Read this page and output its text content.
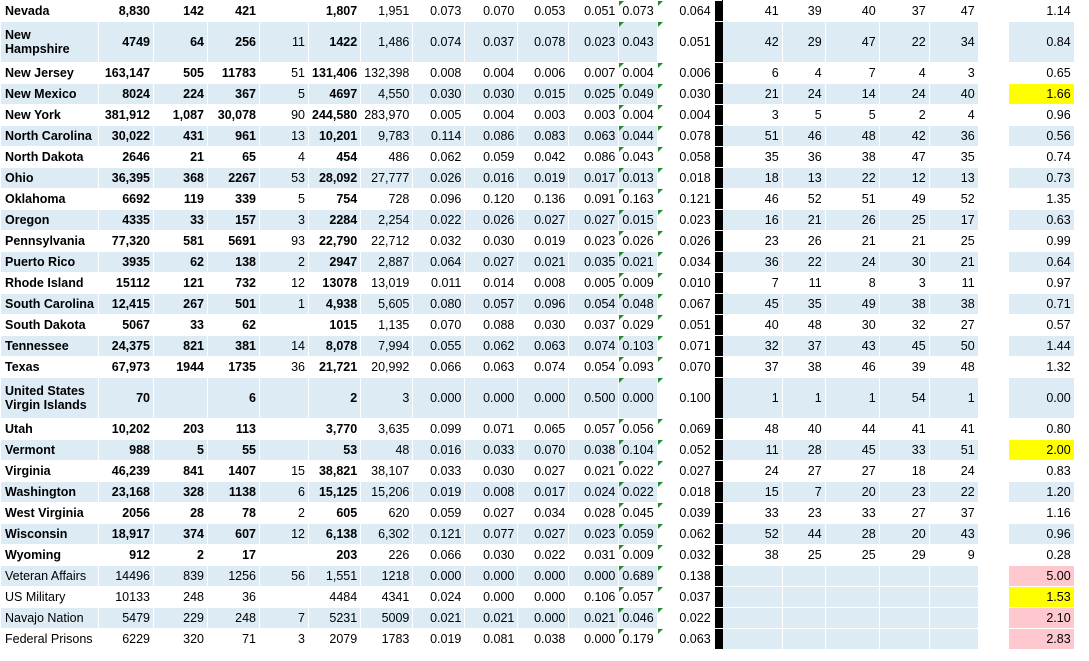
Nevada	8,830	142	421		1,807	1,951	0.073	0.070	0.053	0.051	0.073	0.064		41	39	40	37	47		1.14
New Hampshire	4749	64	256	11	1422	1,486	0.074	0.037	0.078	0.023	0.043	0.051		42	29	47	22	34		0.84
New Jersey	163,147	505	11783	51	131,406	132,398	0.008	0.004	0.006	0.007	0.004	0.006		6	4	7	4	3		0.65
New Mexico	8024	224	367	5	4697	4,550	0.030	0.030	0.015	0.025	0.049	0.030		21	24	14	24	40		1.66
New York	381,912	1,087	30,078	90	244,580	283,970	0.005	0.004	0.003	0.003	0.004	0.004		3	5	5	2	4		0.96
North Carolina	30,022	431	961	13	10,201	9,783	0.114	0.086	0.083	0.063	0.044	0.078		51	46	48	42	36		0.56
North Dakota	2646	21	65	4	454	486	0.062	0.059	0.042	0.086	0.043	0.058		35	36	38	47	35		0.74
Ohio	36,395	368	2267	53	28,092	27,777	0.026	0.016	0.019	0.017	0.013	0.018		18	13	22	12	13		0.73
Oklahoma	6692	119	339	5	754	728	0.096	0.120	0.136	0.091	0.163	0.121		46	52	51	49	52		1.35
Oregon	4335	33	157	3	2284	2,254	0.022	0.026	0.027	0.027	0.015	0.023		16	21	26	25	17		0.63
Pennsylvania	77,320	581	5691	93	22,790	22,712	0.032	0.030	0.019	0.023	0.026	0.026		23	26	21	21	25		0.99
Puerto Rico	3935	62	138	2	2947	2,887	0.064	0.027	0.021	0.035	0.021	0.034		36	22	24	30	21		0.64
Rhode Island	15112	121	732	12	13078	13,019	0.011	0.014	0.008	0.005	0.009	0.010		7	11	8	3	11		0.97
South Carolina	12,415	267	501	1	4,938	5,605	0.080	0.057	0.096	0.054	0.048	0.067		45	35	49	38	38		0.71
South Dakota	5067	33	62		1015	1,135	0.070	0.088	0.030	0.037	0.029	0.051		40	48	30	32	27		0.57
Tennessee	24,375	821	381	14	8,078	7,994	0.055	0.062	0.063	0.074	0.103	0.071		32	37	43	45	50		1.44
Texas	67,973	1944	1735	36	21,721	20,992	0.066	0.063	0.074	0.054	0.093	0.070		37	38	46	39	48		1.32
United States Virgin Islands	70		6		2	3	0.000	0.000	0.000	0.500	0.000	0.100		1	1	1	54	1		0.00
Utah	10,202	203	113		3,770	3,635	0.099	0.071	0.065	0.057	0.056	0.069		48	40	44	41	41		0.80
Vermont	988	5	55		53	48	0.016	0.033	0.070	0.038	0.104	0.052		11	28	45	33	51		2.00
Virginia	46,239	841	1407	15	38,821	38,107	0.033	0.030	0.027	0.021	0.022	0.027		24	27	27	18	24		0.83
Washington	23,168	328	1138	6	15,125	15,206	0.019	0.008	0.017	0.024	0.022	0.018		15	7	20	23	22		1.20
West Virginia	2056	28	78	2	605	620	0.059	0.027	0.034	0.028	0.045	0.039		33	23	33	27	37		1.16
Wisconsin	18,917	374	607	12	6,138	6,302	0.121	0.077	0.027	0.023	0.059	0.062		52	44	28	20	43		0.96
Wyoming	912	2	17		203	226	0.066	0.030	0.022	0.031	0.009	0.032		38	25	25	29	9		0.28
Veteran Affairs	14496	839	1256	56	1,551	1218	0.000	0.000	0.000	0.000	0.689	0.138								5.00
US Military	10133	248	36		4484	4341	0.024	0.000	0.000	0.106	0.057	0.037								1.53
Navajo Nation	5479	229	248	7	5231	5009	0.021	0.021	0.000	0.021	0.046	0.022								2.10
Federal Prisons	6229	320	71	3	2079	1783	0.019	0.081	0.038	0.000	0.179	0.063								2.83
